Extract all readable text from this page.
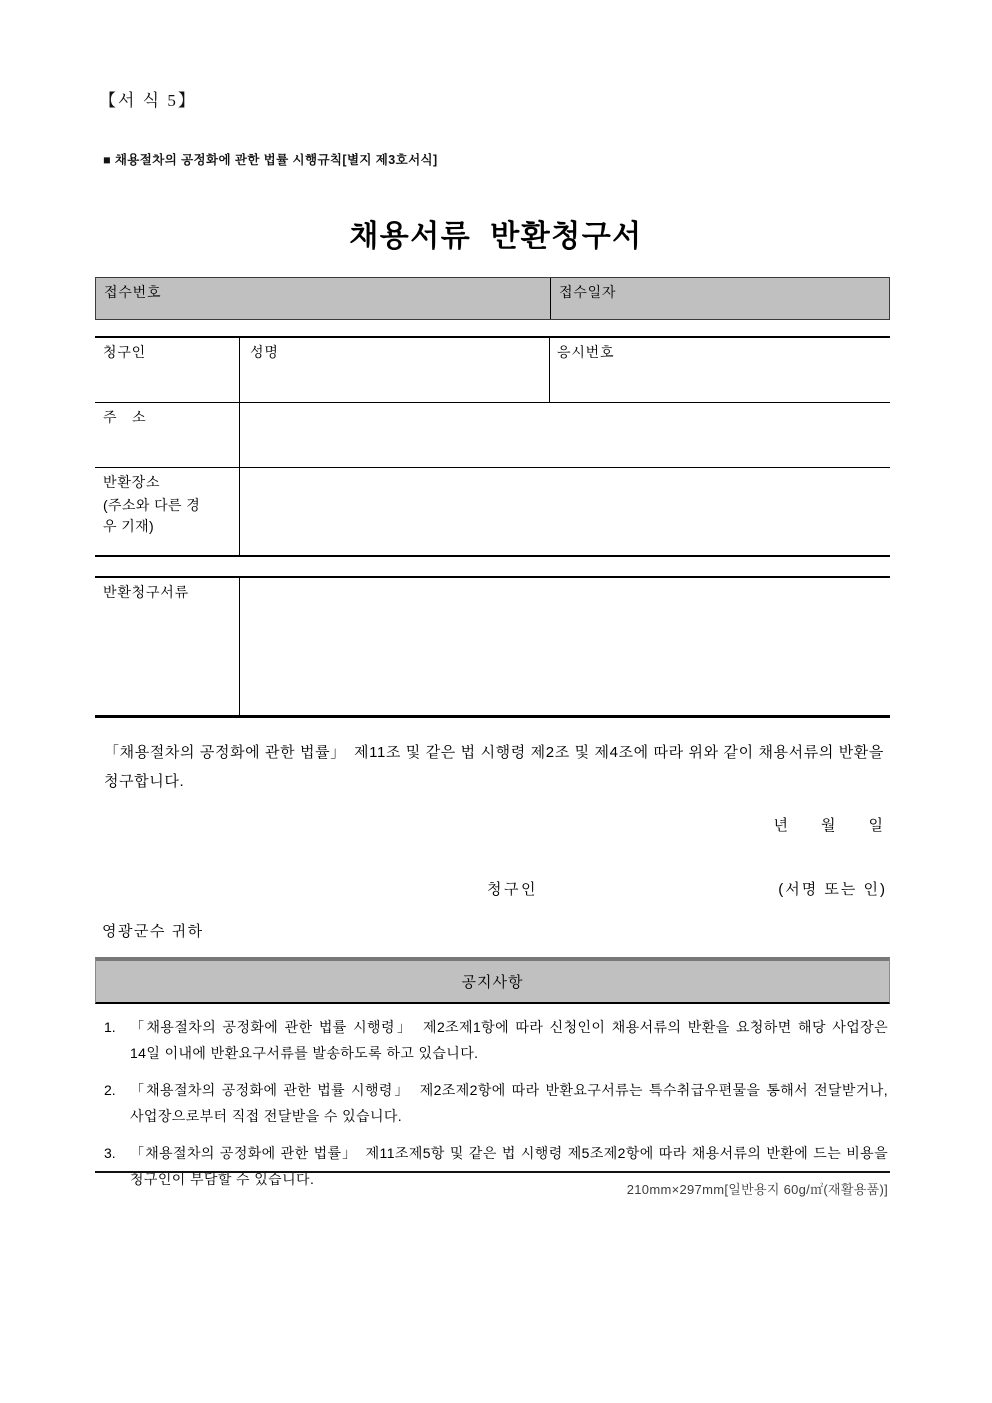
【서 식 5】
■ 채용절차의 공정화에 관한 법률 시행규칙[별지 제3호서식]
채용서류 반환청구서
접수번호	접수일자
청구인	성명	응시번호
주　소
반환장소
(주소와 다른 경우 기재)
반환청구서류
「채용절차의 공정화에 관한 법률」　제11조 및 같은 법 시행령 제2조 및 제4조에 따라 위와 같이 채용서류의 반환을 청구합니다.
년　　월　　일
청구인	(서명 또는 인)
영광군수 귀하
공지사항
1. 「채용절차의 공정화에 관한 법률 시행령」　제2조제1항에 따라 신청인이 채용서류의 반환을 요청하면 해당 사업장은 14일 이내에 반환요구서류를 발송하도록 하고 있습니다.
2. 「채용절차의 공정화에 관한 법률 시행령」　제2조제2항에 따라 반환요구서류는 특수취급우편물을 통해서 전달받거나, 사업장으로부터 직접 전달받을 수 있습니다.
3. 「채용절차의 공정화에 관한 법률」　제11조제5항 및 같은 법 시행령 제5조제2항에 따라 채용서류의 반환에 드는 비용을 청구인이 부담할 수 있습니다.
210mm×297mm[일반용지 60g/㎡(재활용품)]
